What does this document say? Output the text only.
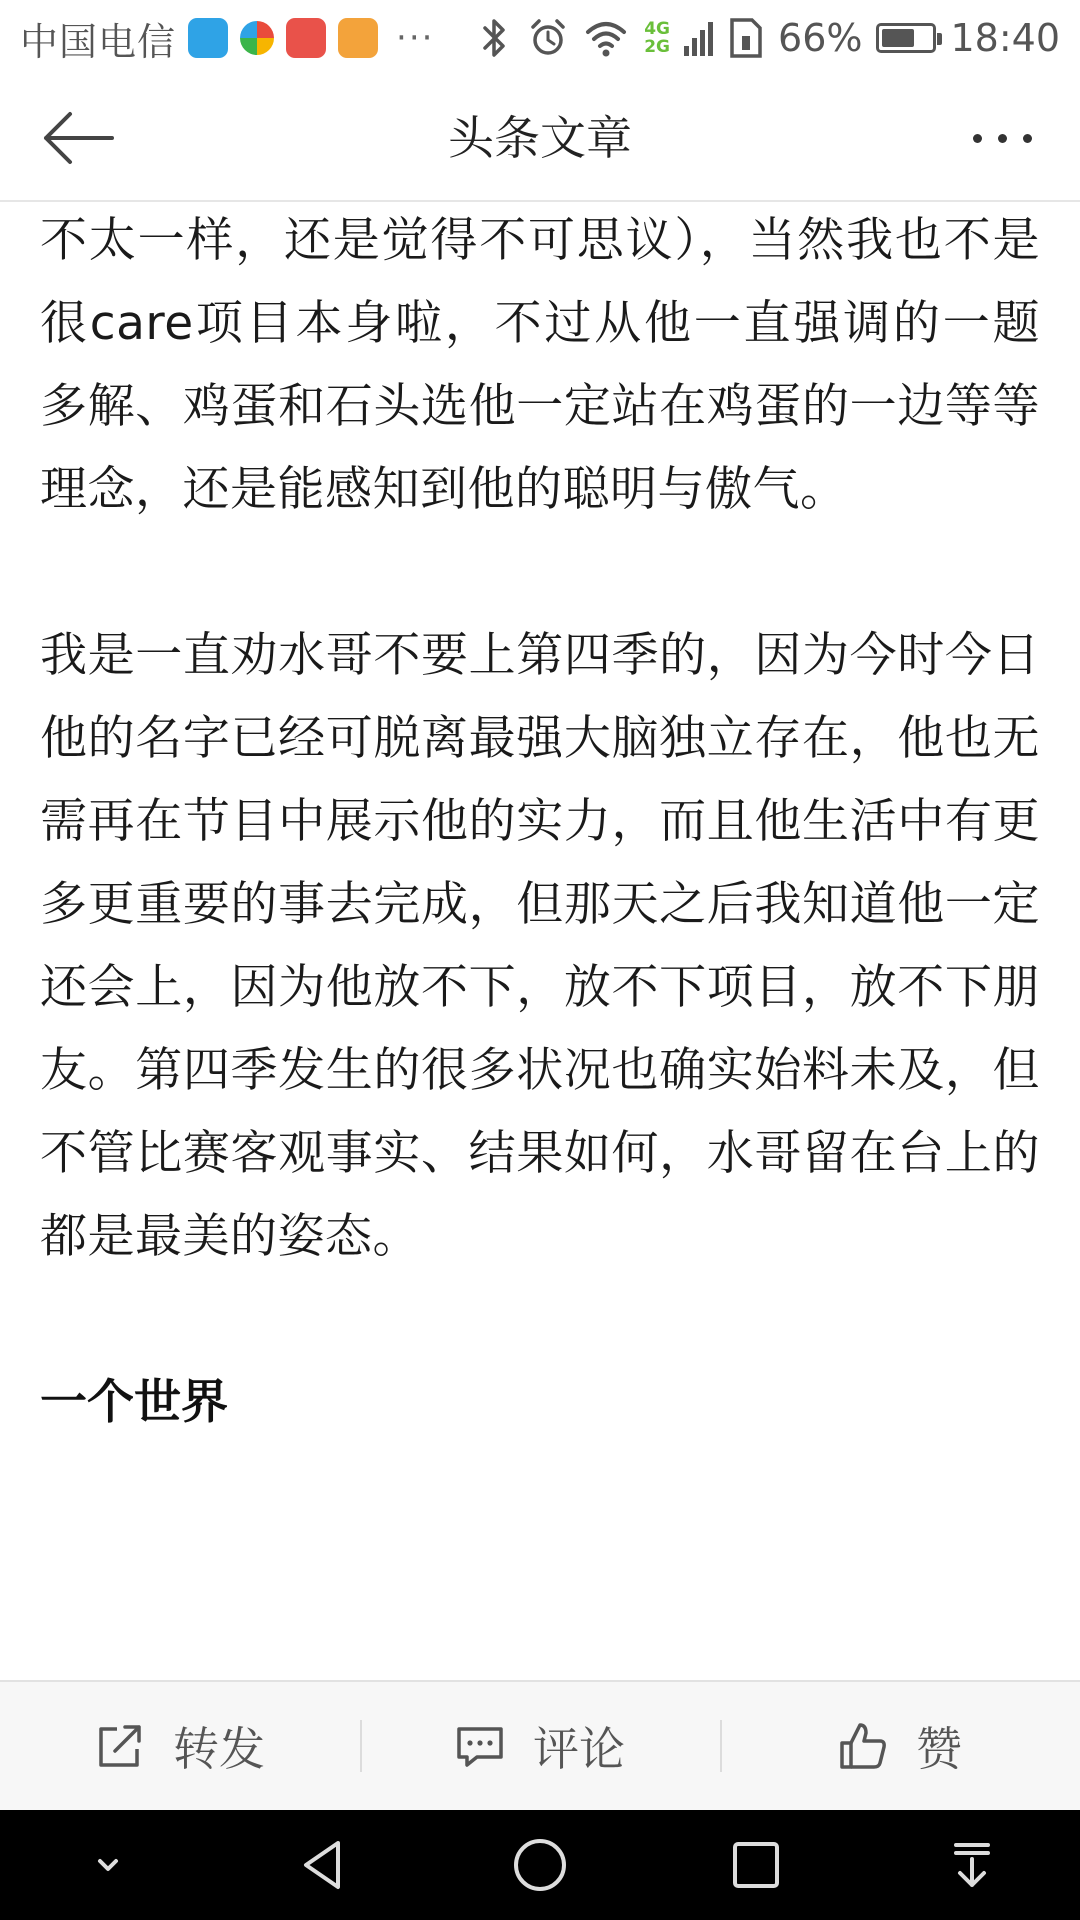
中国电信	···	4G
2G	66% 18:40
头条文章

不太一样，还是觉得不可思议），当然我也不是很care项目本身啦，不过从他一直强调的一题多解、鸡蛋和石头选他一定站在鸡蛋的一边等等理念，还是能感知到他的聪明与傲气。

我是一直劝水哥不要上第四季的，因为今时今日他的名字已经可脱离最强大脑独立存在，他也无需再在节目中展示他的实力，而且他生活中有更多更重要的事去完成，但那天之后我知道他一定还会上，因为他放不下，放不下项目，放不下朋友。第四季发生的很多状况也确实始料未及，但不管比赛客观事实、结果如何，水哥留在台上的都是最美的姿态。

一个世界

转发	评论	赞
